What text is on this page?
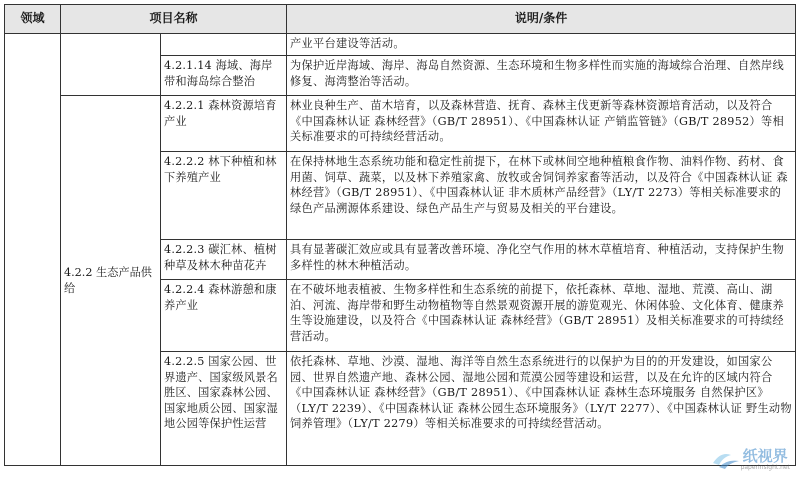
领域	项目名称		说明/条件
			产业平台建设等活动。
		4.2.1.14 海域、海岸带和海岛综合整治	为保护近岸海域、海岸、海岛自然资源、生态环境和生物多样性而实施的海域综合治理、自然岸线修复、海湾整治等活动。
	4.2.2 生态产品供给	4.2.2.1 森林资源培育产业	林业良种生产、苗木培育，以及森林营造、抚育、森林主伐更新等森林资源培育活动，以及符合《中国森林认证 森林经营》（GB/T 28951）、《中国森林认证 产销监管链》（GB/T 28952）等相关标准要求的可持续经营活动。
		4.2.2.2 林下种植和林下养殖产业	在保持林地生态系统功能和稳定性前提下，在林下或林间空地种植粮食作物、油料作物、药材、食用菌、饲草、蔬菜，以及林下养殖家禽、放牧或舍饲饲养家畜等活动，以及符合《中国森林认证 森林经营》（GB/T 28951）、《中国森林认证 非木质林产品经营》（LY/T 2273）等相关标准要求的绿色产品溯源体系建设、绿色产品生产与贸易及相关的平台建设。
		4.2.2.3 碳汇林、植树种草及林木种苗花卉	具有显著碳汇效应或具有显著改善环境、净化空气作用的林木草植培育、种植活动，支持保护生物多样性的林木种植活动。
		4.2.2.4 森林游憩和康养产业	在不破坏地表植被、生物多样性和生态系统的前提下，依托森林、草地、湿地、荒漠、高山、湖泊、河流、海岸带和野生动物植物等自然景观资源开展的游览观光、休闲体验、文化体育、健康养生等设施建设，以及符合《中国森林认证 森林经营》（GB/T 28951）及相关标准要求的可持续经营活动。
		4.2.2.5 国家公园、世界遗产、国家级风景名胜区、国家森林公园、国家地质公园、国家湿地公园等保护性运营	依托森林、草地、沙漠、湿地、海洋等自然生态系统进行的以保护为目的的开发建设，如国家公园、世界自然遗产地、森林公园、湿地公园和荒漠公园等建设和运营，以及在允许的区域内符合《中国森林认证 森林经营》（GB/T 28951）、《中国森林认证 森林生态环境服务 自然保护区》（LY/T 2239）、《中国森林认证 森林公园生态环境服务》（LY/T 2277）、《中国森林认证 野生动物饲养管理》（LY/T 2279）等相关标准要求的可持续经营活动。
纸视界
paperinsight.net
